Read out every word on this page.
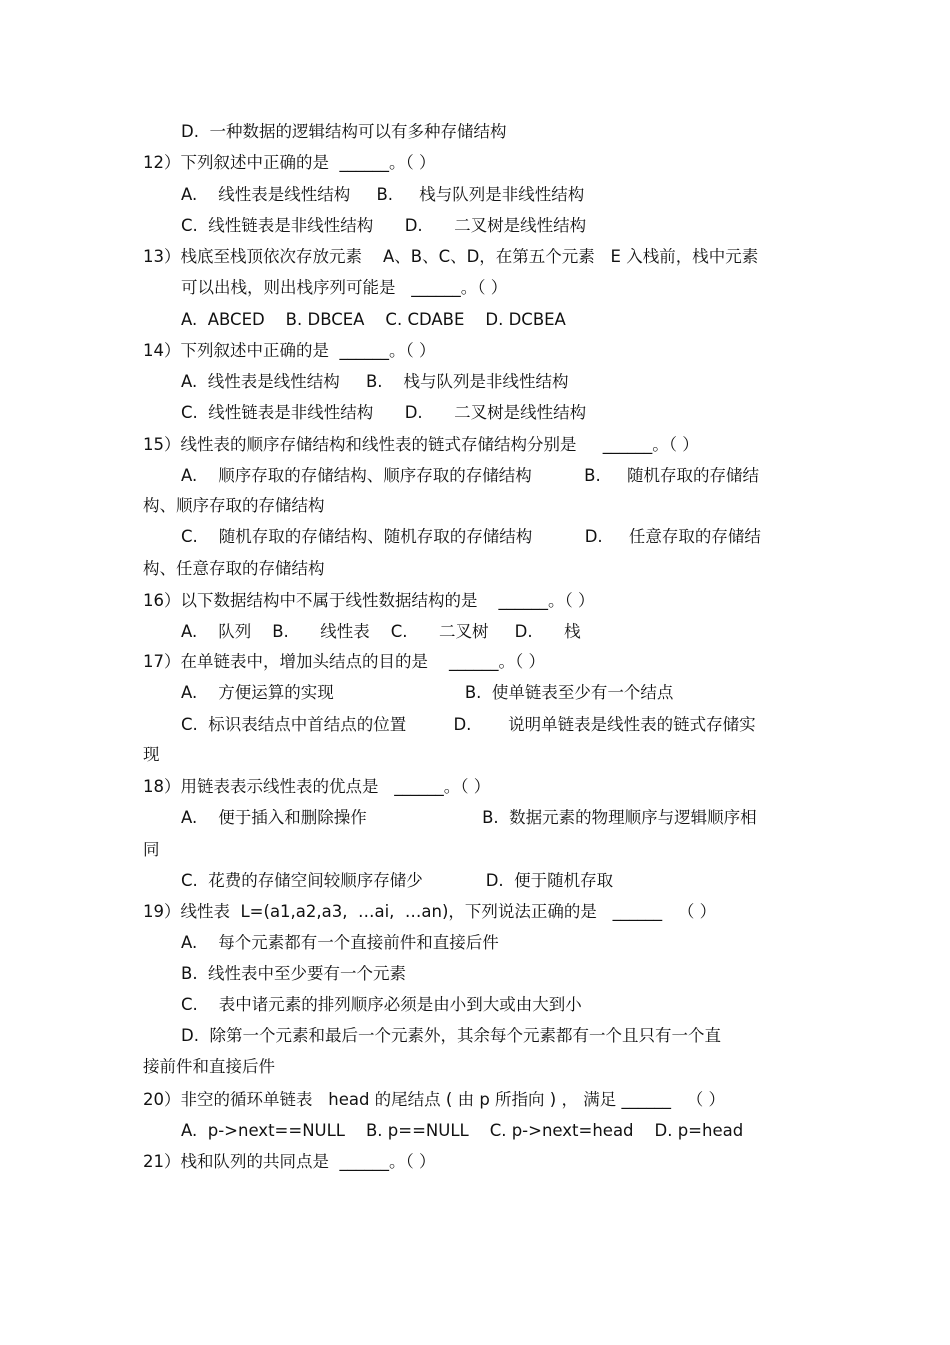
D.  一种数据的逻辑结构可以有多种存储结构
12）下列叙述中正确的是  ______。（ ）
A.    线性表是线性结构     B.     栈与队列是非线性结构
C.  线性链表是非线性结构      D.      二叉树是线性结构
13）栈底至栈顶依次存放元素    A、B、C、D，在第五个元素   E 入栈前，栈中元素
可以出栈，则出栈序列可能是   ______。（ ）
A.  ABCED    B. DBCEA    C. CDABE    D. DCBEA
14）下列叙述中正确的是  ______。（ ）
A.  线性表是线性结构     B.    栈与队列是非线性结构
C.  线性链表是非线性结构      D.      二叉树是线性结构
15）线性表的顺序存储结构和线性表的链式存储结构分别是     ______。（ ）
A.    顺序存取的存储结构、顺序存取的存储结构          B.     随机存取的存储结
构、顺序存取的存储结构
C.    随机存取的存储结构、随机存取的存储结构          D.     任意存取的存储结
构、任意存取的存储结构
16）以下数据结构中不属于线性数据结构的是    ______。（ ）
A.    队列    B.      线性表    C.      二叉树     D.      栈
17）在单链表中，增加头结点的目的是    ______。（ ）
A.    方便运算的实现                         B.  使单链表至少有一个结点
C.  标识表结点中首结点的位置         D.       说明单链表是线性表的链式存储实
现
18）用链表表示线性表的优点是   ______。（ ）
A.    便于插入和删除操作                      B.  数据元素的物理顺序与逻辑顺序相
同
C.  花费的存储空间较顺序存储少            D.  便于随机存取
19）线性表  L=(a1,a2,a3,  …ai,  …an)，下列说法正确的是   ______   （ ）
A.    每个元素都有一个直接前件和直接后件
B.  线性表中至少要有一个元素
C.    表中诸元素的排列顺序必须是由小到大或由大到小
D.  除第一个元素和最后一个元素外，其余每个元素都有一个且只有一个直
接前件和直接后件
20）非空的循环单链表   head 的尾结点 ( 由 p 所指向 ) ， 满足 ______   （ ）
A.  p->next==NULL    B. p==NULL    C. p->next=head    D. p=head
21）栈和队列的共同点是  ______。（ ）
